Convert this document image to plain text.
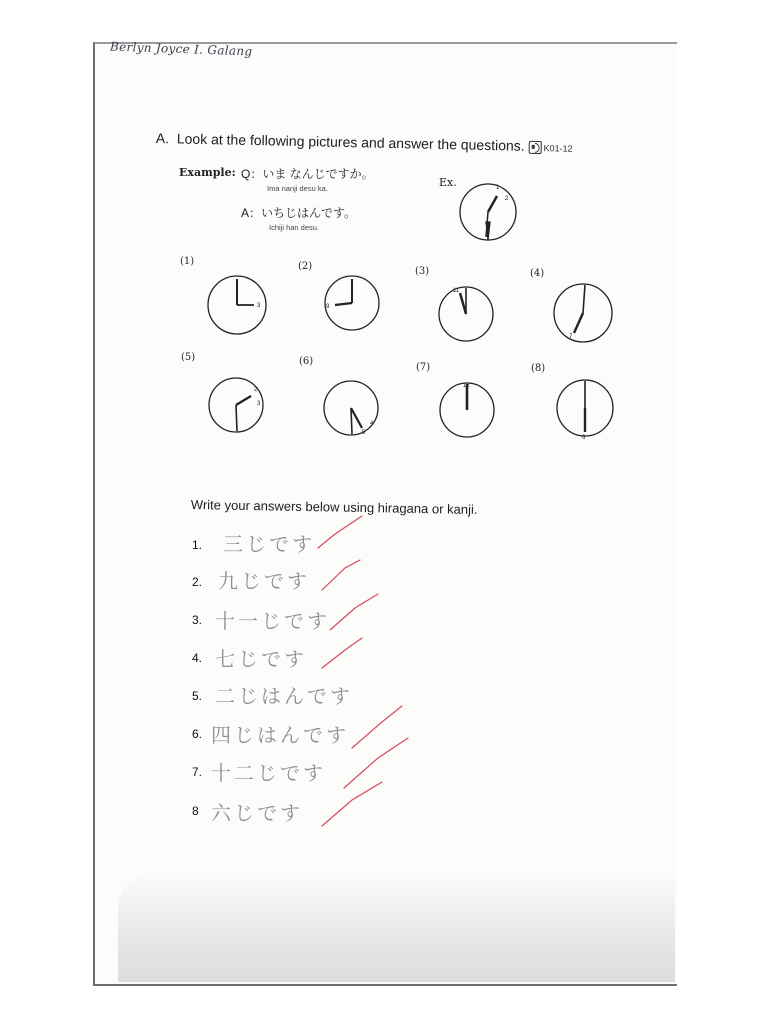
Berlyn Joyce I. Galang
A. Look at the following pictures and answer the questions. K01-12
Example: Q：いま なんじですか。
Ima nanji desu ka.
A：いちじはんです。
Ichiji han desu.
Ex.
(1)	(2)	(3)	(4)
(5)	(6)
(7)	(8)
1
2
3	9
11
7
2
3
4
5
12
6
Write your answers below using hiragana or kanji.
1. 三じです
2. 九じです
3. 十一じです
4. 七じです
5. 二じはんです
6. 四じはんです
7. 十二じです
8 六じです
